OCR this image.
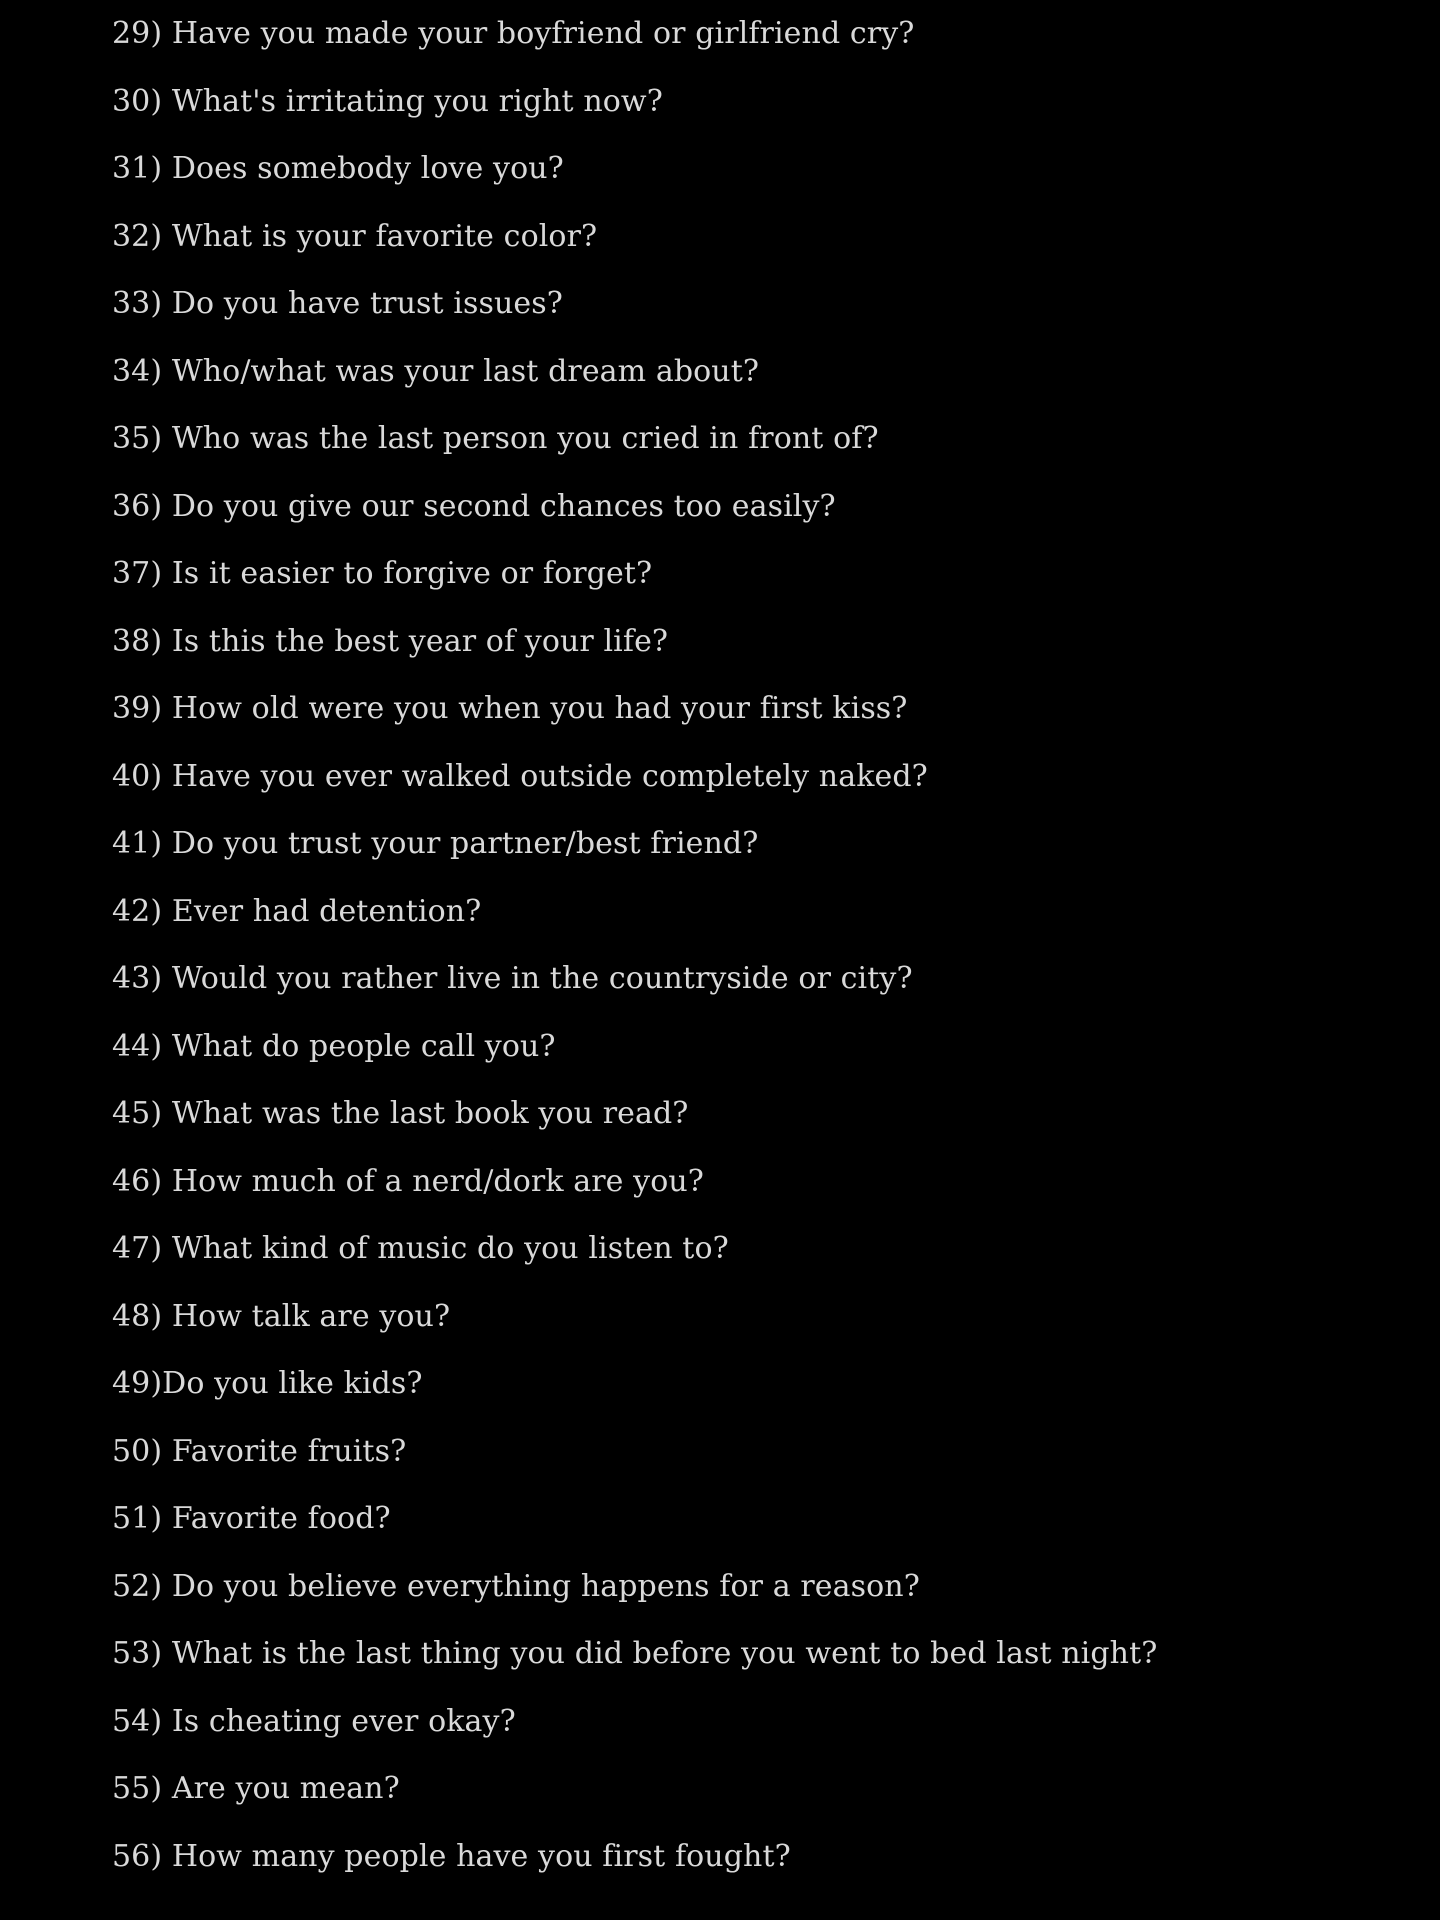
29) Have you made your boyfriend or girlfriend cry?
30) What's irritating you right now?
31) Does somebody love you?
32) What is your favorite color?
33) Do you have trust issues?
34) Who/what was your last dream about?
35) Who was the last person you cried in front of?
36) Do you give our second chances too easily?
37) Is it easier to forgive or forget?
38) Is this the best year of your life?
39) How old were you when you had your first kiss?
40) Have you ever walked outside completely naked?
41) Do you trust your partner/best friend?
42) Ever had detention?
43) Would you rather live in the countryside or city?
44) What do people call you?
45) What was the last book you read?
46) How much of a nerd/dork are you?
47) What kind of music do you listen to?
48) How talk are you?
49)Do you like kids?
50) Favorite fruits?
51) Favorite food?
52) Do you believe everything happens for a reason?
53) What is the last thing you did before you went to bed last night?
54) Is cheating ever okay?
55) Are you mean?
56) How many people have you first fought?
